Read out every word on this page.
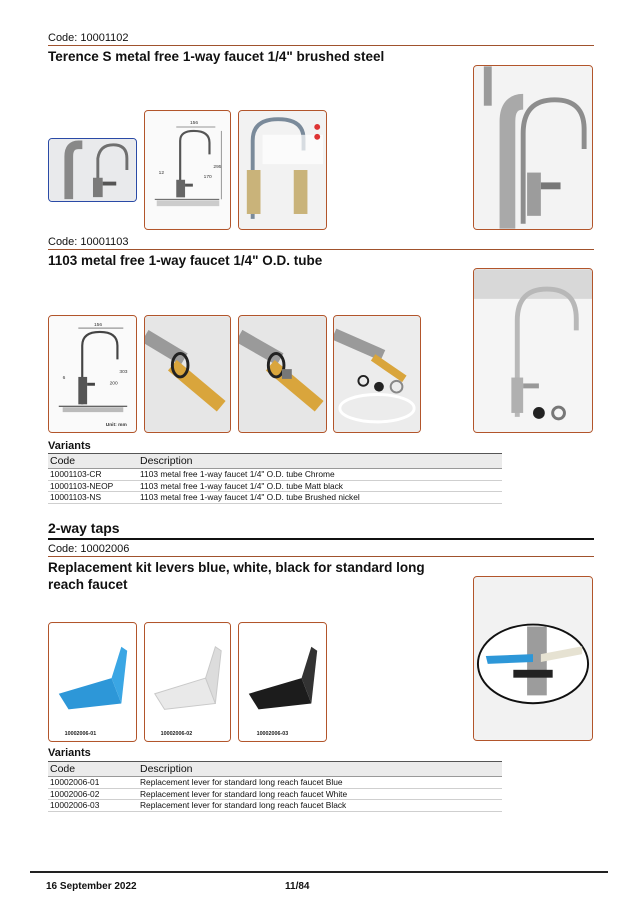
Code: 10001102
Terence S metal free 1-way faucet 1/4" brushed steel
156
12
295
170
Code: 10001103
1103 metal free 1-way faucet 1/4" O.D. tube
156
6
303
200
Unit: mm
Variants
Code	Description
10001103-CR	1103 metal free 1-way faucet 1/4" O.D. tube Chrome
10001103-NEOP	1103 metal free 1-way faucet 1/4" O.D. tube Matt black
10001103-NS	1103 metal free 1-way faucet 1/4" O.D. tube Brushed nickel
2-way taps
Code: 10002006
Replacement kit levers blue, white, black for standard long
reach faucet
10002006-01	10002006-02	10002006-03
Variants
Code	Description
10002006-01	Replacement lever for standard long reach faucet Blue
10002006-02	Replacement lever for standard long reach faucet White
10002006-03	Replacement lever for standard long reach faucet Black
16 September 2022	11/84
